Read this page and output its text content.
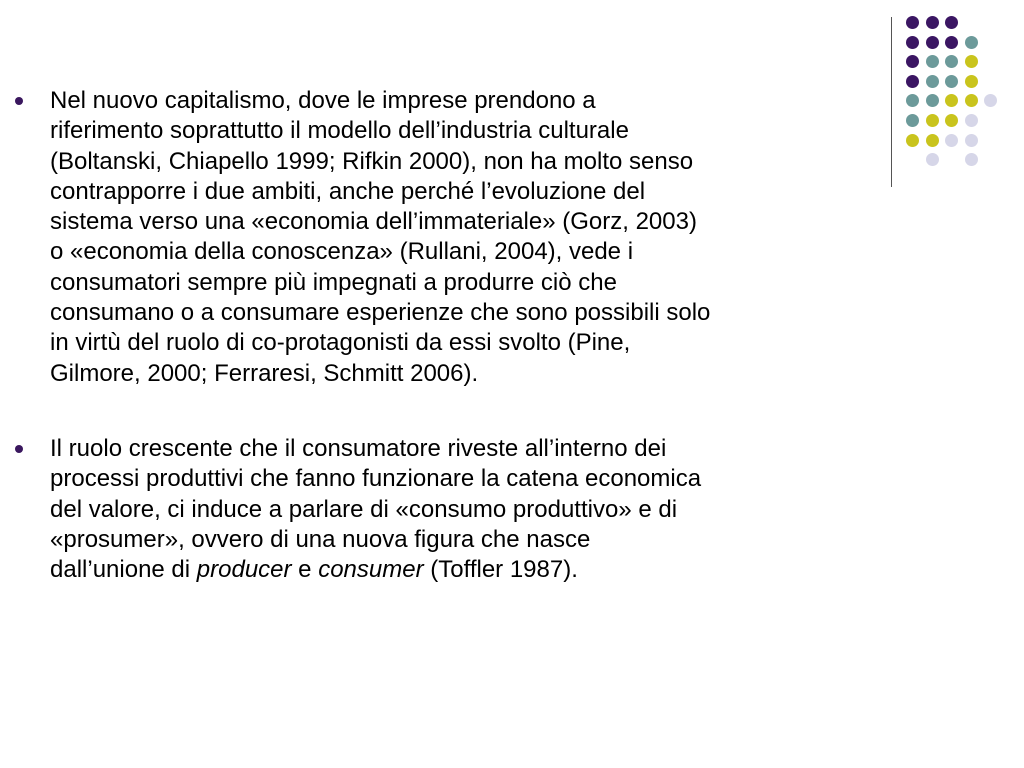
Nel nuovo capitalismo, dove le imprese prendono a
riferimento soprattutto il modello dell’industria culturale
(Boltanski, Chiapello 1999; Rifkin 2000), non ha molto senso
contrapporre i due ambiti, anche perché l’evoluzione del
sistema verso una «economia dell’immateriale» (Gorz, 2003)
o «economia della conoscenza» (Rullani, 2004), vede i
consumatori sempre più impegnati a produrre ciò che
consumano o a consumare esperienze che sono possibili solo
in virtù del ruolo di co-protagonisti da essi svolto (Pine,
Gilmore, 2000; Ferraresi, Schmitt 2006).
Il ruolo crescente che il consumatore riveste all’interno dei
processi produttivi che fanno funzionare la catena economica
del valore, ci induce a parlare di «consumo produttivo» e di
«prosumer», ovvero di una nuova figura che nasce
dall’unione di producer e consumer (Toffler 1987).
